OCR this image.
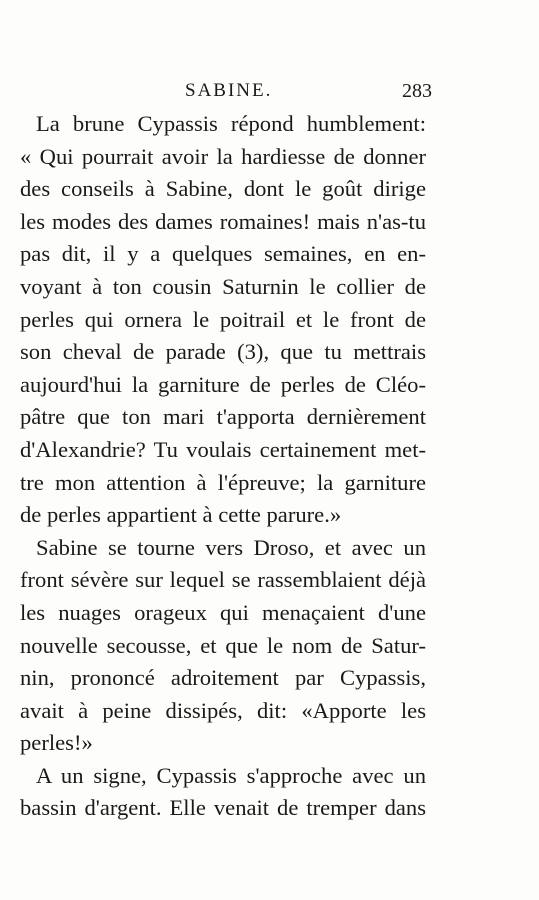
SABINE.	283
La brune Cypassis répond humblement:
« Qui pourrait avoir la hardiesse de donner
des conseils à Sabine, dont le goût dirige
les modes des dames romaines! mais n'as-tu
pas dit, il y a quelques semaines, en en-
voyant à ton cousin Saturnin le collier de
perles qui ornera le poitrail et le front de
son cheval de parade (3), que tu mettrais
aujourd'hui la garniture de perles de Cléo-
pâtre que ton mari t'apporta dernièrement
d'Alexandrie? Tu voulais certainement met-
tre mon attention à l'épreuve; la garniture
de perles appartient à cette parure.»
Sabine se tourne vers Droso, et avec un
front sévère sur lequel se rassemblaient déjà
les nuages orageux qui menaçaient d'une
nouvelle secousse, et que le nom de Satur-
nin, prononcé adroitement par Cypassis,
avait à peine dissipés, dit: «Apporte les
perles!»
A un signe, Cypassis s'approche avec un
bassin d'argent. Elle venait de tremper dans
